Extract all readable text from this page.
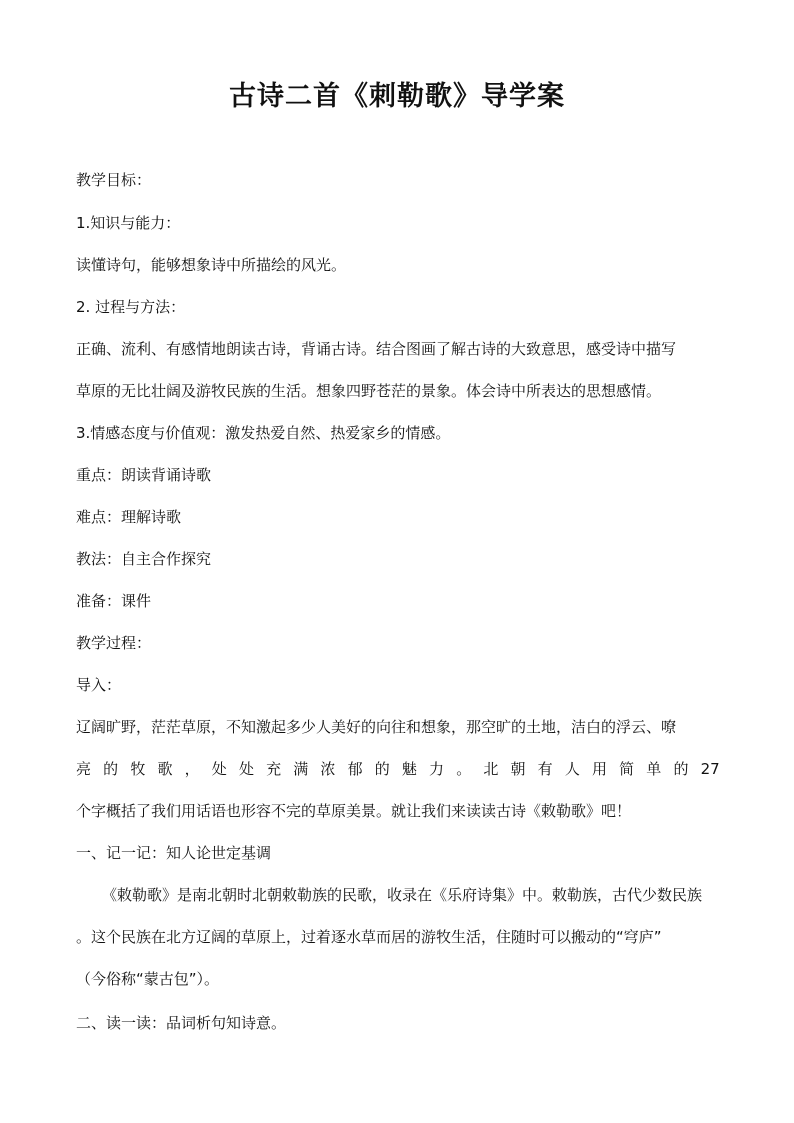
古诗二首《刺勒歌》导学案
教学目标：
1.知识与能力：
读懂诗句，能够想象诗中所描绘的风光。
2. 过程与方法：
正确、流利、有感情地朗读古诗，背诵古诗。结合图画了解古诗的大致意思，感受诗中描写
草原的无比壮阔及游牧民族的生活。想象四野苍茫的景象。体会诗中所表达的思想感情。
3.情感态度与价值观：激发热爱自然、热爱家乡的情感。
重点：朗读背诵诗歌
难点：理解诗歌
教法：自主合作探究
准备：课件
教学过程：
导入：
辽阔旷野，茫茫草原，不知激起多少人美好的向往和想象，那空旷的土地，洁白的浮云、嘹
亮 的 牧 歌 ， 处 处 充 满 浓 郁 的 魅 力 。 北 朝 有 人 用 简 单 的 27
个字概括了我们用话语也形容不完的草原美景。就让我们来读读古诗《敕勒歌》吧！
一、记一记：知人论世定基调
《敕勒歌》是南北朝时北朝敕勒族的民歌，收录在《乐府诗集》中。敕勒族，古代少数民族
。这个民族在北方辽阔的草原上，过着逐水草而居的游牧生活，住随时可以搬动的“穹庐”
（今俗称“蒙古包”）。
二、读一读：品词析句知诗意。
